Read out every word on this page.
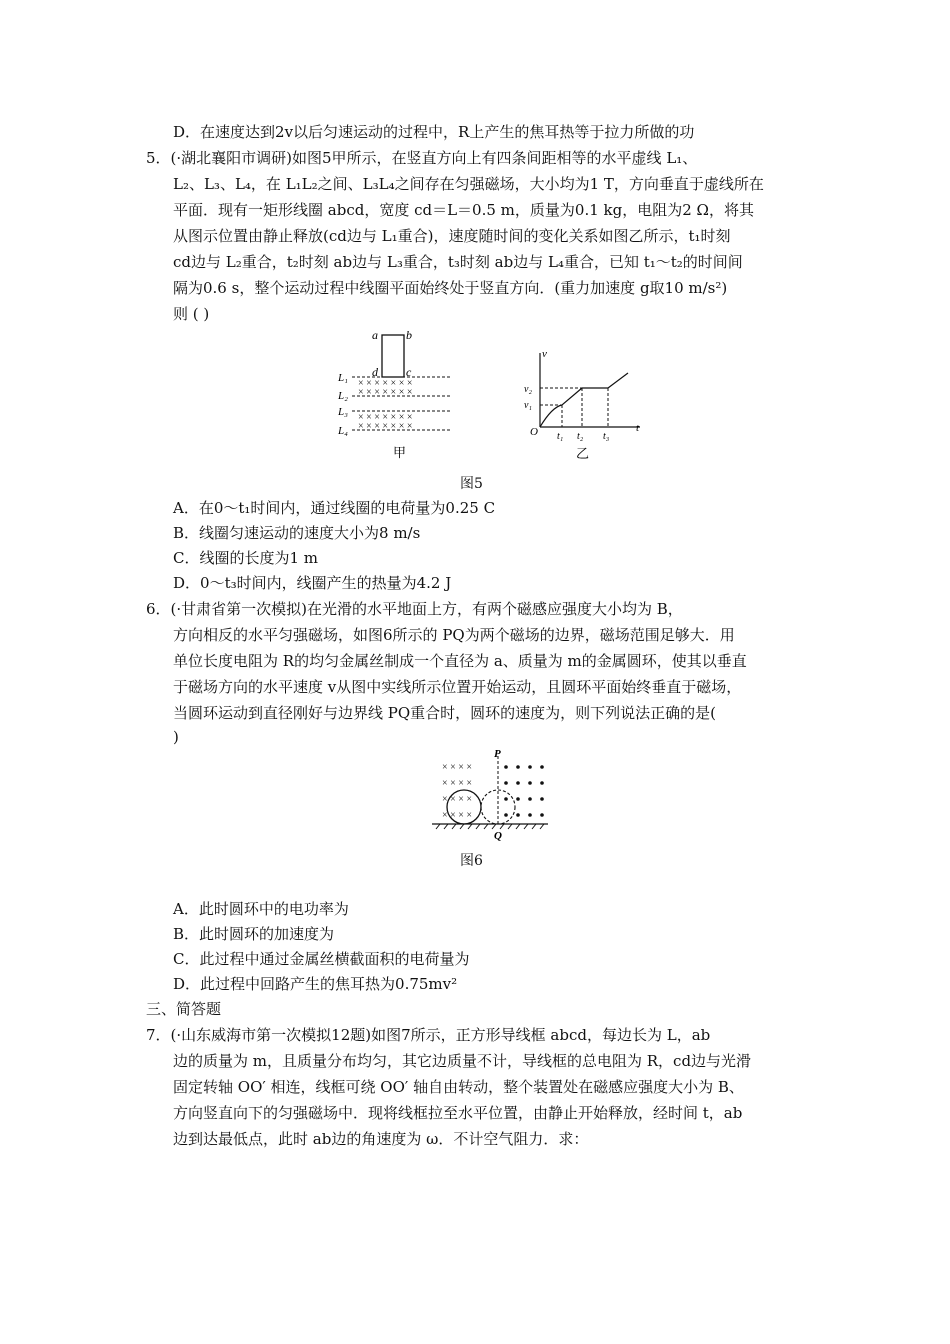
D．在速度达到2v以后匀速运动的过程中，R上产生的焦耳热等于拉力所做的功
5．(·湖北襄阳市调研)如图5甲所示，在竖直方向上有四条间距相等的水平虚线 L₁、
L₂、L₃、L₄，在 L₁L₂之间、L₃L₄之间存在匀强磁场，大小均为1 T，方向垂直于虚线所在
平面．现有一矩形线圈 abcd，宽度 cd＝L＝0.5 m，质量为0.1 kg，电阻为2 Ω，将其
从图示位置由静止释放(cd边与 L₁重合)，速度随时间的变化关系如图乙所示，t₁时刻
cd边与 L₂重合，t₂时刻 ab边与 L₃重合，t₃时刻 ab边与 L₄重合，已知 t₁～t₂的时间间
隔为0.6 s，整个运动过程中线圈平面始终处于竖直方向．(重力加速度 g取10 m/s²)
则 ( )
a b
d c
× × × × × × ×
× × × × × × ×
× × × × × × ×
× × × × × × ×
L₁
L₂
L₃
L₄
甲
v
t
O
v₂
v₁
t₁ t₂ t₃
乙
图5
A．在0～t₁时间内，通过线圈的电荷量为0.25 C
B．线圈匀速运动的速度大小为8 m/s
C．线圈的长度为1 m
D．0～t₃时间内，线圈产生的热量为4.2 J
6．(·甘肃省第一次模拟)在光滑的水平地面上方，有两个磁感应强度大小均为 B，
方向相反的水平匀强磁场，如图6所示的 PQ为两个磁场的边界，磁场范围足够大．用
单位长度电阻为 R的均匀金属丝制成一个直径为 a、质量为 m的金属圆环，使其以垂直
于磁场方向的水平速度 v从图中实线所示位置开始运动，且圆环平面始终垂直于磁场，
当圆环运动到直径刚好与边界线 PQ重合时，圆环的速度为，则下列说法正确的是(
)
× × × ×
× × × ×
× × × ×
× × × ×
P
Q
图6
A．此时圆环中的电功率为
B．此时圆环的加速度为
C．此过程中通过金属丝横截面积的电荷量为
D．此过程中回路产生的焦耳热为0.75mv²
三、简答题
7．(·山东威海市第一次模拟12题)如图7所示，正方形导线框 abcd，每边长为 L，ab
边的质量为 m，且质量分布均匀，其它边质量不计，导线框的总电阻为 R，cd边与光滑
固定转轴 OO′ 相连，线框可绕 OO′ 轴自由转动，整个装置处在磁感应强度大小为 B、
方向竖直向下的匀强磁场中．现将线框拉至水平位置，由静止开始释放，经时间 t，ab
边到达最低点，此时 ab边的角速度为 ω．不计空气阻力．求：
